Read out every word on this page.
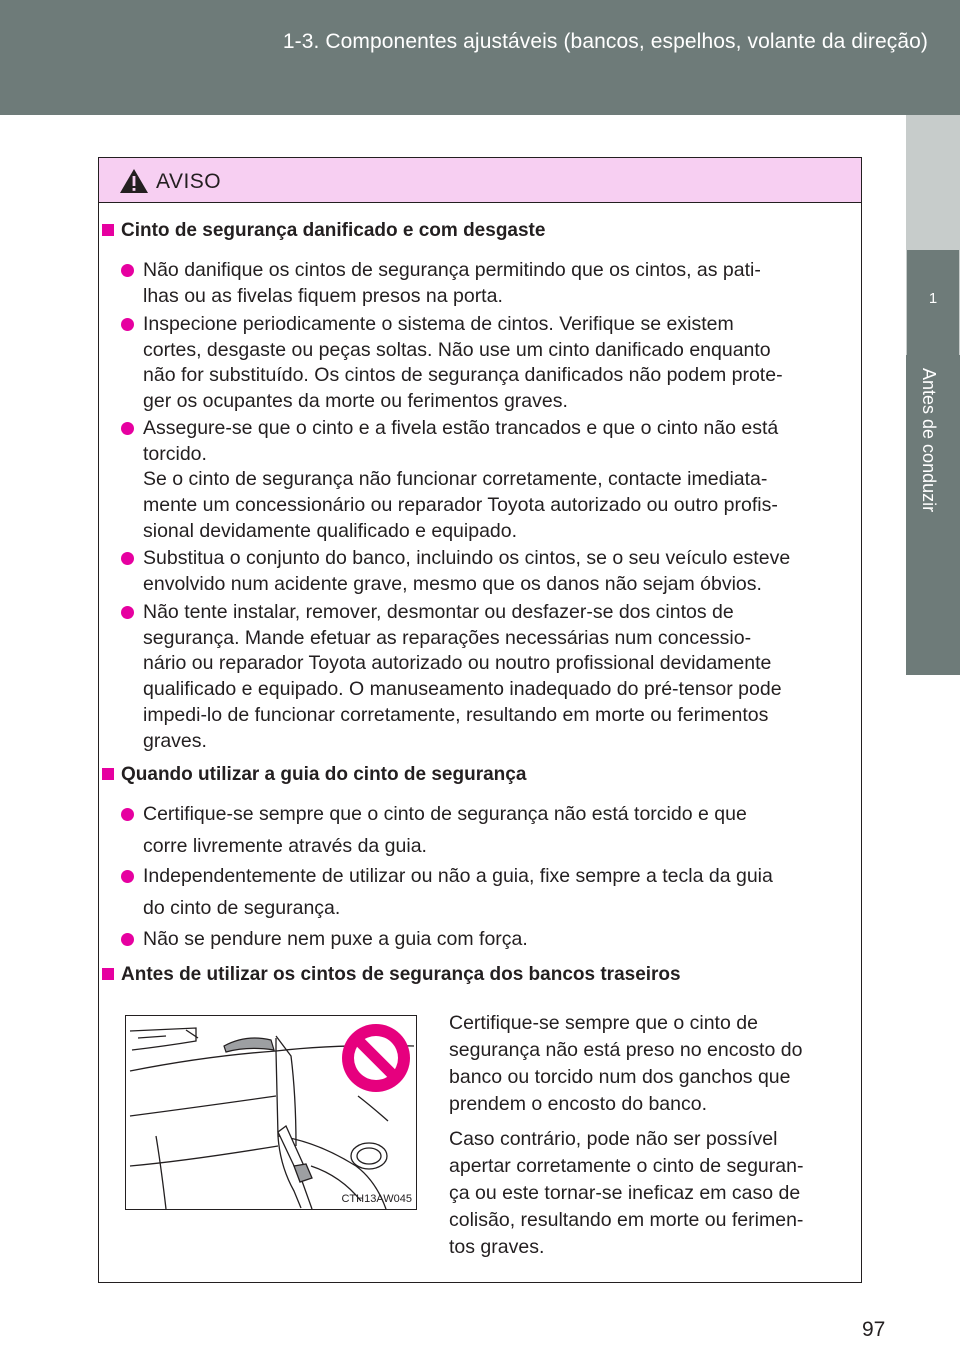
1-3. Componentes ajustáveis (bancos, espelhos, volante da direção)
1
Antes de conduzir
AVISO
Cinto de segurança danificado e com desgaste
Não danifique os cintos de segurança permitindo que os cintos, as pati-
lhas ou as fivelas fiquem presos na porta.
Inspecione periodicamente o sistema de cintos. Verifique se existem
cortes, desgaste ou peças soltas. Não use um cinto danificado enquanto
não for substituído. Os cintos de segurança danificados não podem prote-
ger os ocupantes da morte ou ferimentos graves.
Assegure-se que o cinto e a fivela estão trancados e que o cinto não está
torcido.
Se o cinto de segurança não funcionar corretamente, contacte imediata-
mente um concessionário ou reparador Toyota autorizado ou outro profis-
sional devidamente qualificado e equipado.
Substitua o conjunto do banco, incluindo os cintos, se o seu veículo esteve
envolvido num acidente grave, mesmo que os danos não sejam óbvios.
Não tente instalar, remover, desmontar ou desfazer-se dos cintos de
segurança. Mande efetuar as reparações necessárias num concessio-
nário ou reparador Toyota autorizado ou noutro profissional devidamente
qualificado e equipado. O manuseamento inadequado do pré-tensor pode
impedi-lo de funcionar corretamente, resultando em morte ou ferimentos
graves.
Quando utilizar a guia do cinto de segurança
Certifique-se sempre que o cinto de segurança não está torcido e que
corre livremente através da guia.
Independentemente de utilizar ou não a guia, fixe sempre a tecla da guia
do cinto de segurança.
Não se pendure nem puxe a guia com força.
Antes de utilizar os cintos de segurança dos bancos traseiros
CTH13AW045
Certifique-se sempre que o cinto de
segurança não está preso no encosto do
banco ou torcido num dos ganchos que
prendem o encosto do banco.
Caso contrário, pode não ser possível
apertar corretamente o cinto de seguran-
ça ou este tornar-se ineficaz em caso de
colisão, resultando em morte ou ferimen-
tos graves.
97
